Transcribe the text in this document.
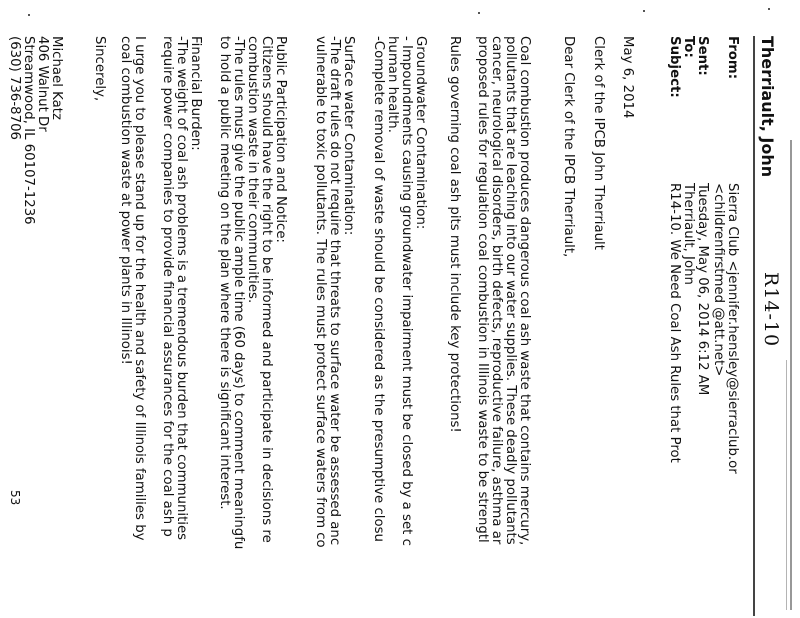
R14-10
Therriault, John
From:
Sierra Club <jennifer.hensley@sierraclub.or
<childrenfirstmed @att.net>
Sent:
Tuesday, May 06, 2014 6:12 AM
To:
Therriault, John
Subject:
R14-10. We Need Coal Ash Rules that Prot
May 6, 2014
Clerk of the IPCB John Therriault
Dear Clerk of the IPCB Therriault,
Coal combustion produces dangerous coal ash waste that contains mercury,
pollutants that are leaching into our water supplies. These deadly pollutants
cancer, neurological disorders, birth defects, reproductive failure, asthma ar
proposed rules for regulation coal combustion in Illinois waste to be strengtl
Rules governing coal ash pits must include key protections!
Groundwater Contamination:
- Impoundments causing groundwater impairment must be closed by a set c
human health.
-Complete removal of waste should be considered as the presumptive closu
Surface water Contamination:
-The draft rules do not require that threats to surface water be assessed anc
vulnerable to toxic pollutants. The rules must protect surface waters from co
Public Participation and Notice:
Citizens should have the right to be informed and participate in decisions re
combustion waste in their communities.
-The rules must give the public ample time (60 days) to comment meaningfu
to hold a public meeting on the plan where there is significant interest.
Financial Burden:
-The weight of coal ash problems is a tremendous burden that communities
require power companies to provide financial assurances for the coal ash p
I urge you to please stand up for the health and safety of Illinois families by
coal combustion waste at power plants in Illinois!
Sincerely,
Michael Katz
406 Walnut Dr
Streamwood, IL 60107-1236
(630) 736-8706
53
